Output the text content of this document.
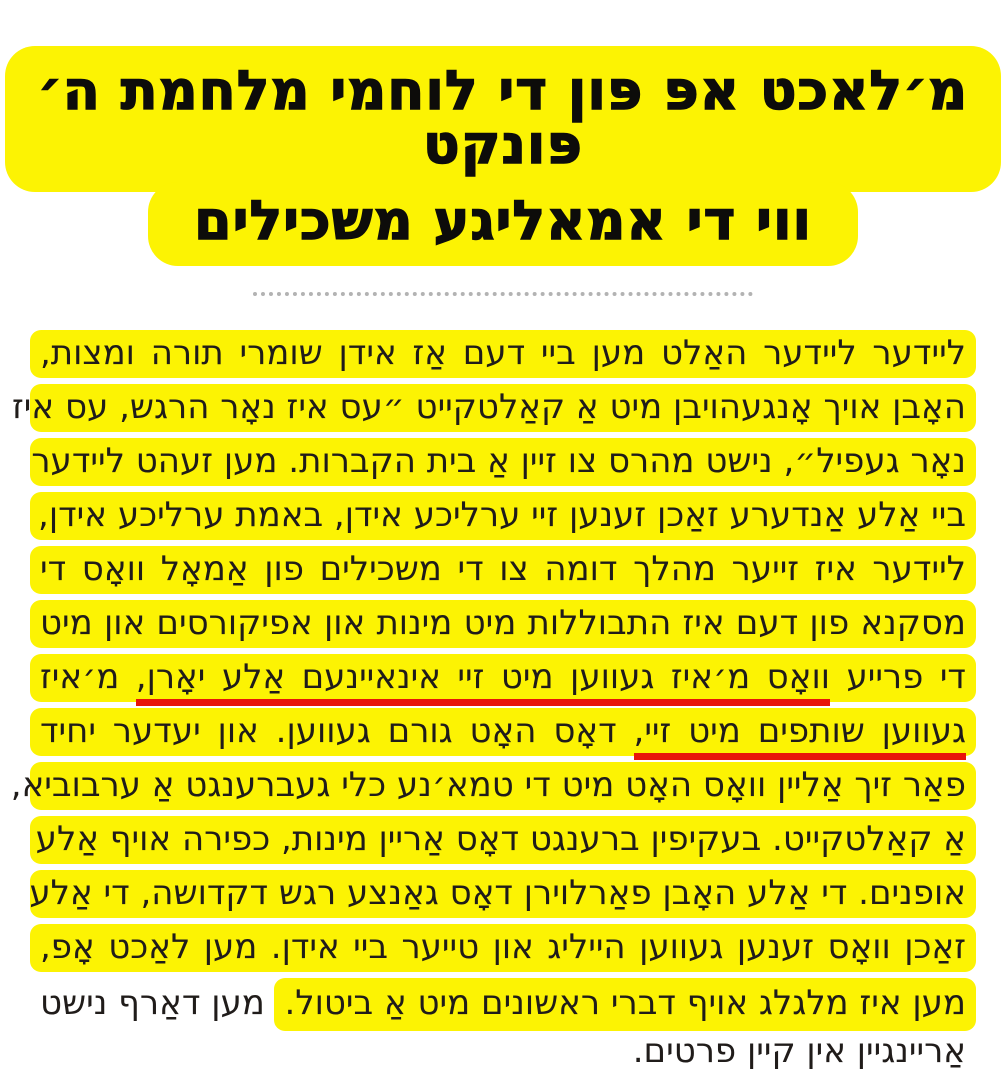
מ׳לאכט אפּ פּון די לוחמי מלחמת ה׳ פּונקט
ווי די אמאליגע משכילים
ליידער ליידער האַלט מען ביי דעם אַז אידן שומרי תורה ומצות,
האָבן אויך אָנגעהויבן מיט אַ קאַלטקייט ״עס איז נאָר הרגש, עס איז
נאָר געפיל״, נישט מהרס צו זיין אַ בית הקברות. מען זעהט ליידער
ביי אַלע אַנדערע זאַכן זענען זיי ערליכע אידן, באמת ערליכע אידן,
ליידער איז זייער מהלך דומה צו די משכילים פון אַמאָל וואָס די
מסקנא פון דעם איז התבוללות מיט מינות און אפיקורסים און מיט
די פרייע וואָס מ׳איז געווען מיט זיי אינאיינעם אַלע יאָרן, מ׳איז
געווען שותפים מיט זיי, דאָס האָט גורם געווען. און יעדער יחיד
פאַר זיך אַליין וואָס האָט מיט די טמא׳נע כלי געברענגט אַ ערבוביא,
אַ קאַלטקייט. בעקיפין ברענגט דאָס אַריין מינות, כפירה אויף אַלע
אופנים. די אַלע האָבן פאַרלוירן דאָס גאַנצע רגש דקדושה, די אַלע
זאַכן וואָס זענען געווען הייליג און טייער ביי אידן. מען לאַכט אָפ,
מען איז מלגלג אויף דברי ראשונים מיט אַ ביטול.
מען דאַרף נישט
אַריינגיין אין קיין פרטים.
